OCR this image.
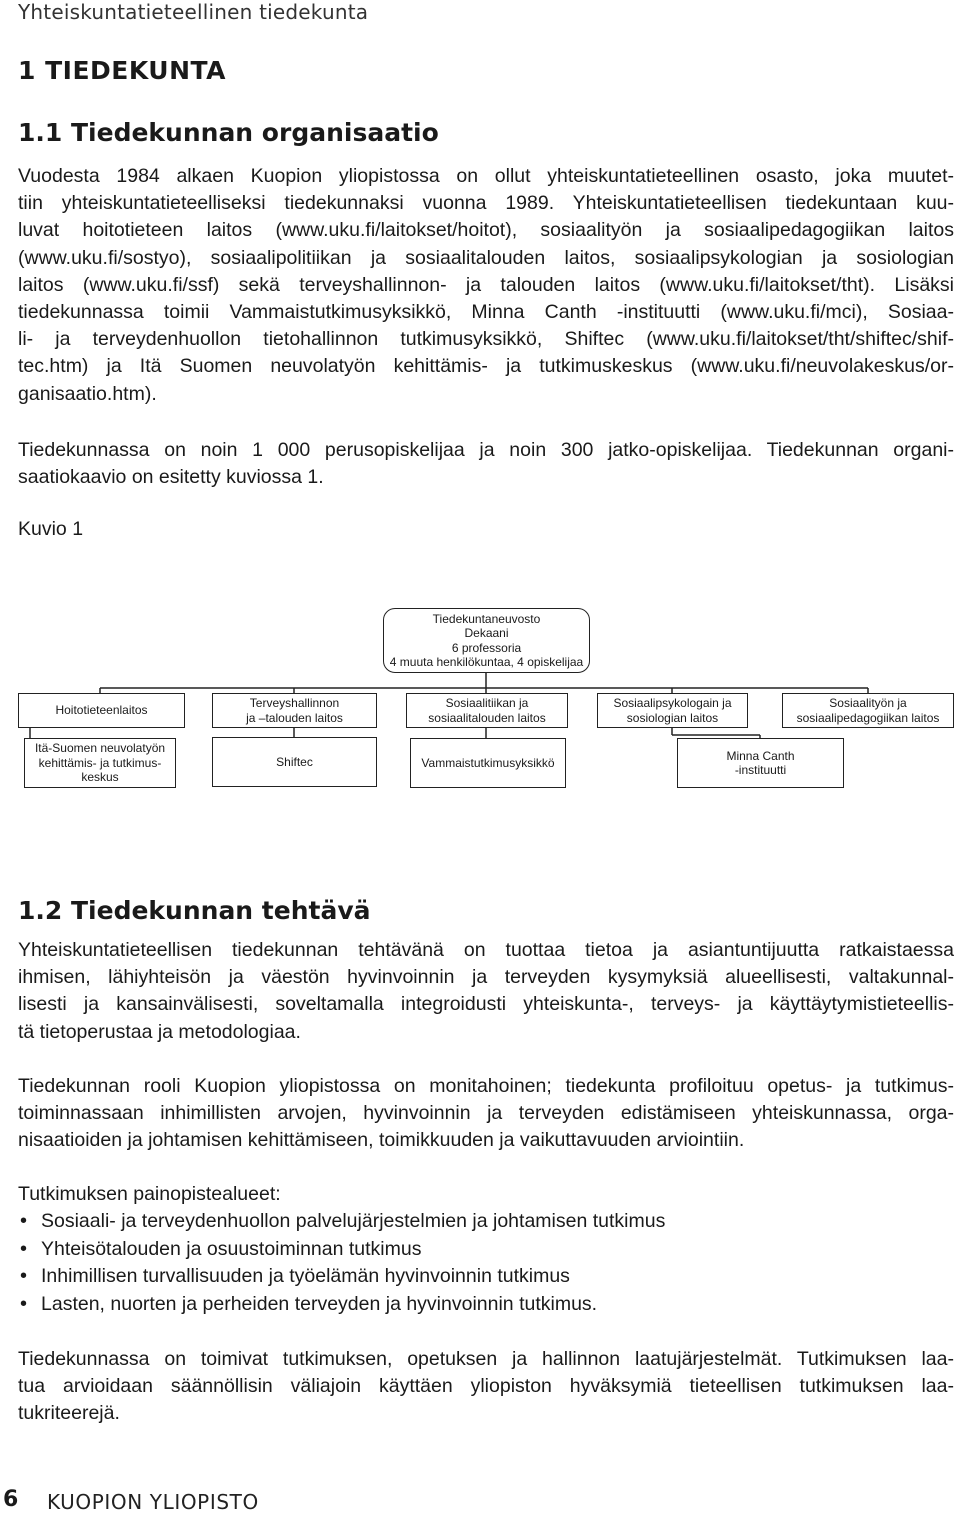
Yhteiskuntatieteellinen tiedekunta
1 TIEDEKUNTA
1.1 Tiedekunnan organisaatio
Vuodesta 1984 alkaen Kuopion yliopistossa on ollut yhteiskuntatieteellinen osasto, joka muutet-
tiin yhteiskuntatieteelliseksi tiedekunnaksi vuonna 1989. Yhteiskuntatieteellisen tiedekuntaan kuu-
luvat hoitotieteen laitos (www.uku.fi/laitokset/hoitot), sosiaalityön ja sosiaalipedagogiikan laitos
(www.uku.fi/sostyo), sosiaalipolitiikan ja sosiaalitalouden laitos, sosiaalipsykologian ja sosiologian
laitos (www.uku.fi/ssf) sekä terveyshallinnon- ja talouden laitos (www.uku.fi/laitokset/tht). Lisäksi
tiedekunnassa toimii Vammaistutkimusyksikkö, Minna Canth -instituutti (www.uku.fi/mci), Sosiaa-
li- ja terveydenhuollon tietohallinnon tutkimusyksikkö, Shiftec (www.uku.fi/laitokset/tht/shiftec/shif-
tec.htm) ja Itä Suomen neuvolatyön kehittämis- ja tutkimuskeskus (www.uku.fi/neuvolakeskus/or-
ganisaatio.htm).
Tiedekunnassa on noin 1 000 perusopiskelijaa ja noin 300 jatko-opiskelijaa. Tiedekunnan organi-
saatiokaavio on esitetty kuviossa 1.
Kuvio 1
Tiedekuntaneuvosto
Dekaani
6 professoria
4 muuta henkilökuntaa, 4 opiskelijaa
Hoitotieteenlaitos
Terveyshallinnon
ja –talouden laitos
Sosiaalitiikan ja
sosiaalitalouden laitos
Sosiaalipsykologain ja
sosiologian laitos
Sosiaalityön ja
sosiaalipedagogiikan laitos
Itä-Suomen neuvolatyön
kehittämis- ja tutkimus-
keskus
Shiftec	Vammaistutkimusyksikkö
Minna Canth
-instituutti
1.2 Tiedekunnan tehtävä
Yhteiskuntatieteellisen tiedekunnan tehtävänä on tuottaa tietoa ja asiantuntijuutta ratkaistaessa
ihmisen, lähiyhteisön ja väestön hyvinvoinnin ja terveyden kysymyksiä alueellisesti, valtakunnal-
lisesti ja kansainvälisesti, soveltamalla integroidusti yhteiskunta-, terveys- ja käyttäytymistieteellis-
tä tietoperustaa ja metodologiaa.
Tiedekunnan rooli Kuopion yliopistossa on monitahoinen; tiedekunta profiloituu opetus- ja tutkimus-
toiminnassaan inhimillisten arvojen, hyvinvoinnin ja terveyden edistämiseen yhteiskunnassa, orga-
nisaatioiden ja johtamisen kehittämiseen, toimikkuuden ja vaikuttavuuden arviointiin.
Tutkimuksen painopistealueet:
• Sosiaali- ja terveydenhuollon palvelujärjestelmien ja johtamisen tutkimus
• Yhteisötalouden ja osuustoiminnan tutkimus
• Inhimillisen turvallisuuden ja työelämän hyvinvoinnin tutkimus
• Lasten, nuorten ja perheiden terveyden ja hyvinvoinnin tutkimus.
Tiedekunnassa on toimivat tutkimuksen, opetuksen ja hallinnon laatujärjestelmät. Tutkimuksen laa-
tua arvioidaan säännöllisin väliajoin käyttäen yliopiston hyväksymiä tieteellisen tutkimuksen laa-
tukriteerejä.
6 KUOPION YLIOPISTO
